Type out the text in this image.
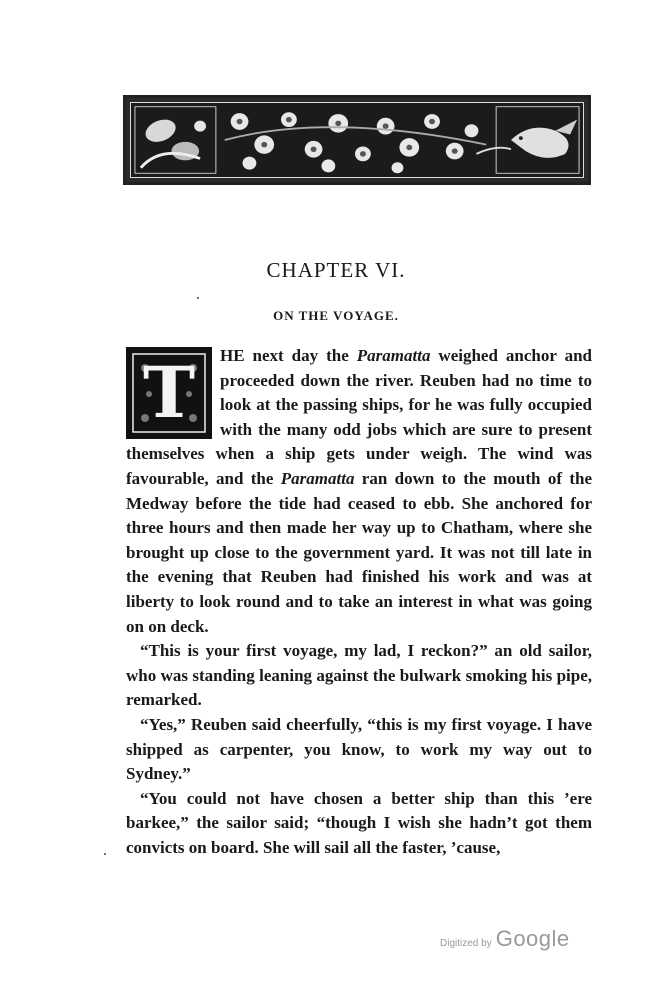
CHAPTER VI.
ON THE VOYAGE.
T	HE next day the Paramatta weighed anchor and proceeded down the river. Reuben had no time to look at the passing ships, for he was fully occupied with the many odd jobs which are sure to present themselves when a ship gets under weigh. The wind was favourable, and the Paramatta ran down to the mouth of the Medway before the tide had ceased to ebb. She anchored for three hours and then made her way up to Chatham, where she brought up close to the government yard. It was not till late in the evening that Reuben had finished his work and was at liberty to look round and to take an interest in what was going on on deck.

“This is your first voyage, my lad, I reckon?” an old sailor, who was standing leaning against the bulwark smoking his pipe, remarked.

“Yes,” Reuben said cheerfully, “this is my first voyage. I have shipped as carpenter, you know, to work my way out to Sydney.”

“You could not have chosen a better ship than this ’ere barkee,” the sailor said; “though I wish she hadn’t got them convicts on board. She will sail all the faster, ’cause,

Digitized by Google
